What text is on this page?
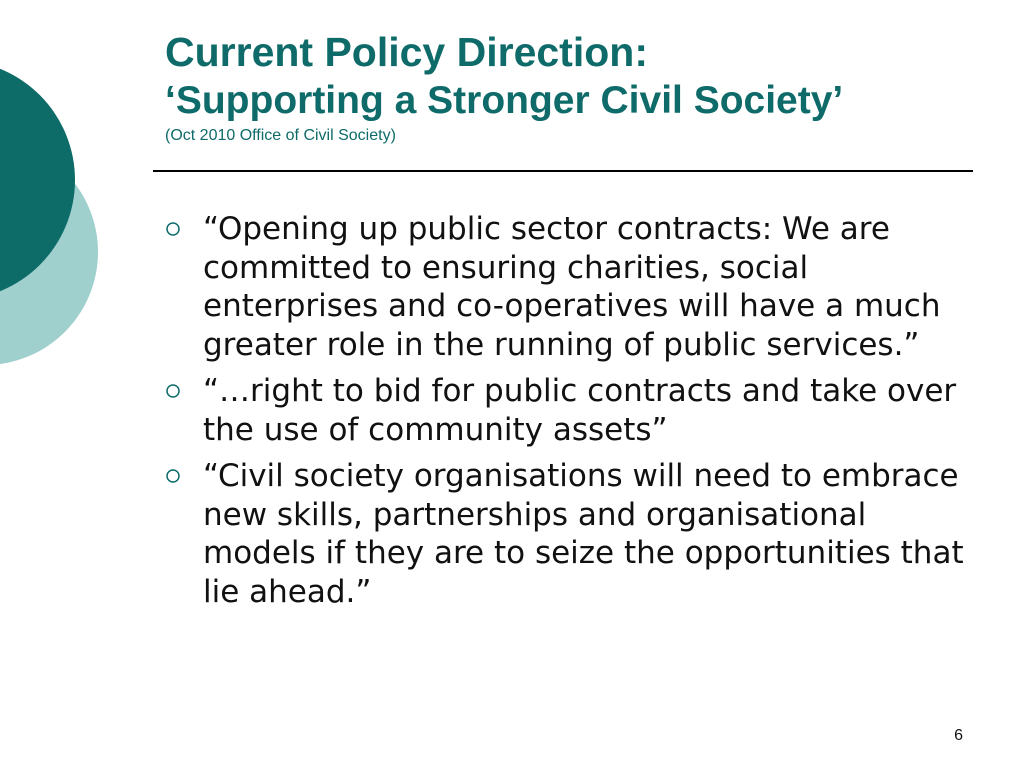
Current Policy Direction:
‘Supporting a Stronger Civil Society’

(Oct 2010 Office of Civil Society)

“Opening up public sector contracts: We are committed to ensuring charities, social enterprises and co-operatives will have a much greater role in the running of public services.”

“…right to bid for public contracts and take over the use of community assets”

“Civil society organisations will need to embrace new skills, partnerships and organisational models if they are to seize the opportunities that lie ahead.”

6
